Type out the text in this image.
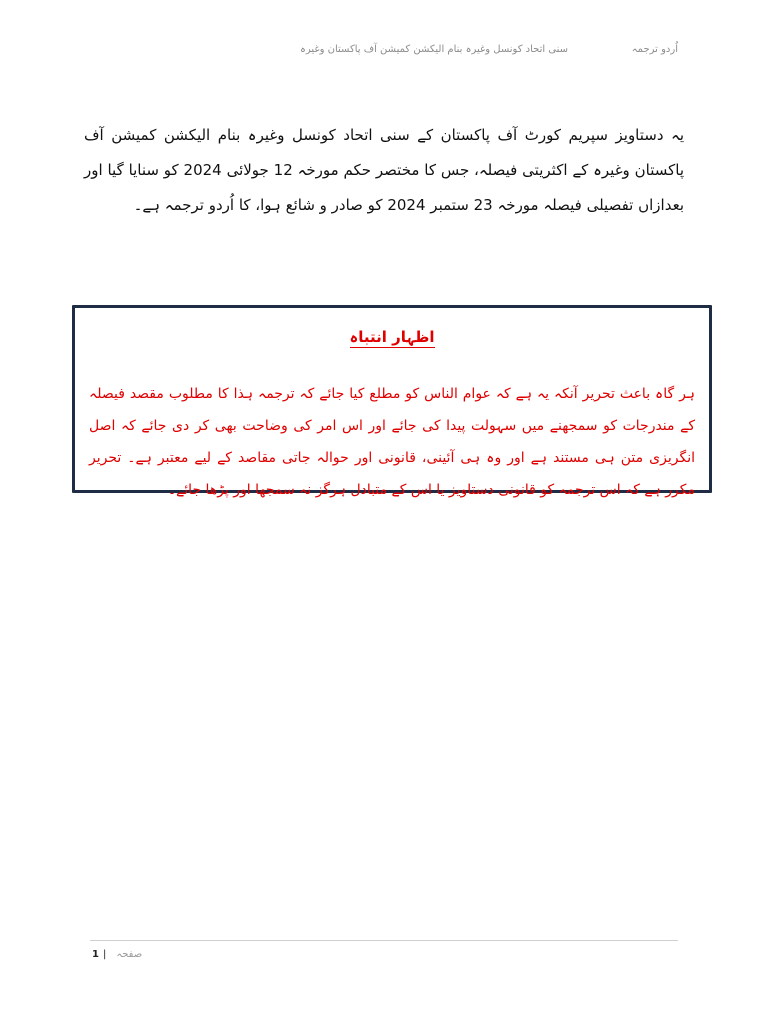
سنی اتحاد کونسل وغیرہ بنام الیکشن کمیشن آف پاکستان وغیرہ	اُردو ترجمہ
یہ دستاویز سپریم کورٹ آف پاکستان کے سنی اتحاد کونسل وغیرہ بنام الیکشن کمیشن آف پاکستان وغیرہ کے اکثریتی فیصلہ، جس کا مختصر حکم مورخہ 12 جولائی 2024 کو سنایا گیا اور بعدازاں تفصیلی فیصلہ مورخہ 23 ستمبر 2024 کو صادر و شائع ہوا، کا اُردو ترجمہ ہے۔
اظہار انتباہ
ہر گاہ باعث تحریر آنکہ یہ ہے کہ عوام الناس کو مطلع کیا جائے کہ ترجمہ ہذا کا مطلوب مقصد فیصلہ کے مندرجات کو سمجھنے میں سہولت پیدا کی جائے اور اس امر کی وضاحت بھی کر دی جائے کہ اصل انگریزی متن ہی مستند ہے اور وہ ہی آئینی، قانونی اور حوالہ جاتی مقاصد کے لیے معتبر ہے۔ تحریر مکرر ہے کہ اس ترجمہ کو قانونی دستاویز یا اس کے متبادل ہرگز نہ سمجھا اور پڑھا جائے۔
1 | صفحہ
